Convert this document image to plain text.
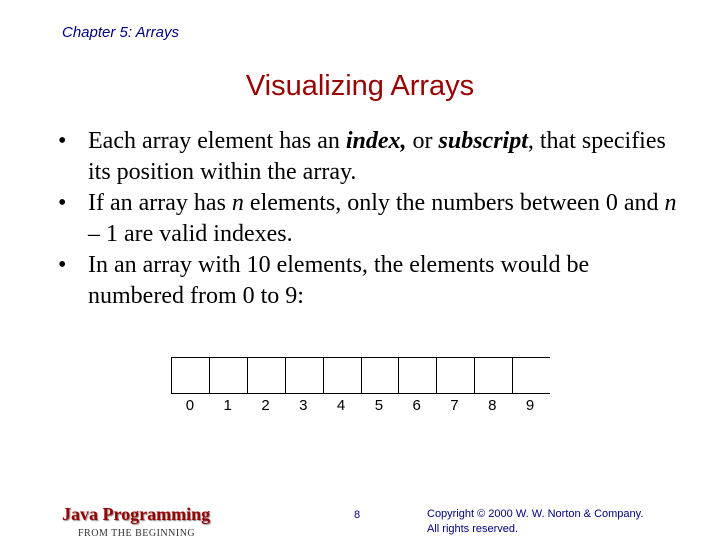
Chapter 5: Arrays
Visualizing Arrays
• Each array element has an index, or subscript, that specifies its position within the array.
• If an array has n elements, only the numbers between 0 and n – 1 are valid indexes.
• In an array with 10 elements, the elements would be numbered from 0 to 9:
0	1	2	3	4	5	6	7	8	9
Java Programming
FROM THE BEGINNING
8	Copyright © 2000 W. W. Norton & Company.
All rights reserved.
